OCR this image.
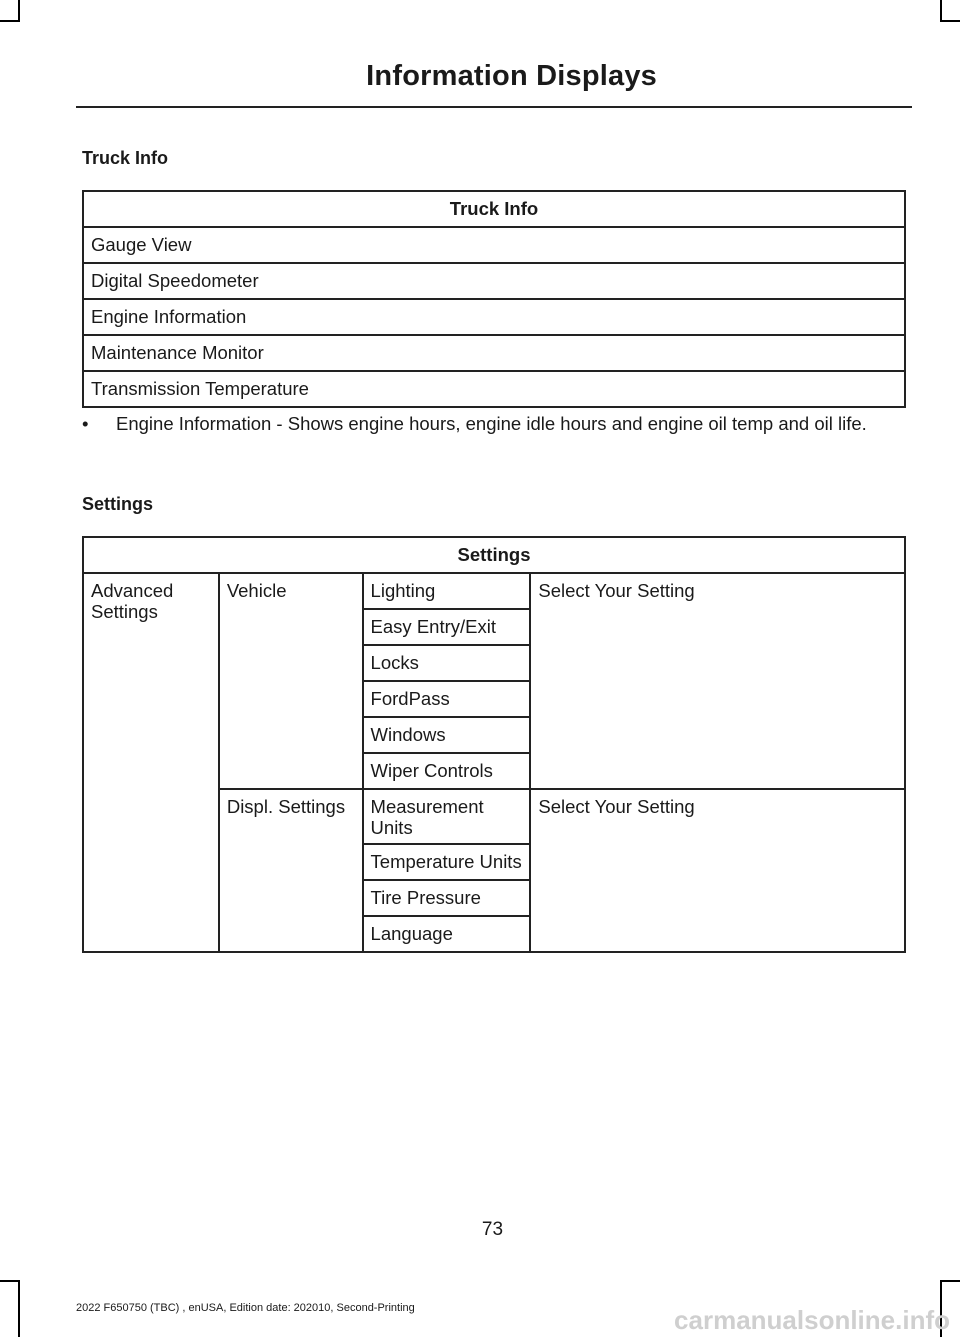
Information Displays
Truck Info
Truck Info
Gauge View
Digital Speedometer
Engine Information
Maintenance Monitor
Transmission Temperature
•	Engine Information - Shows engine hours, engine idle hours and engine oil temp and oil life.
Settings
Settings			
Advanced Settings	Vehicle	Lighting	Select Your Setting
		Easy Entry/Exit	
		Locks	
		FordPass	
		Windows	
		Wiper Controls	
	Displ. Settings	Measurement Units	Select Your Setting
		Temperature Units	
		Tire Pressure	
		Language	
73
2022 F650750 (TBC) , enUSA, Edition date: 202010, Second-Printing	carmanualsonline.info
